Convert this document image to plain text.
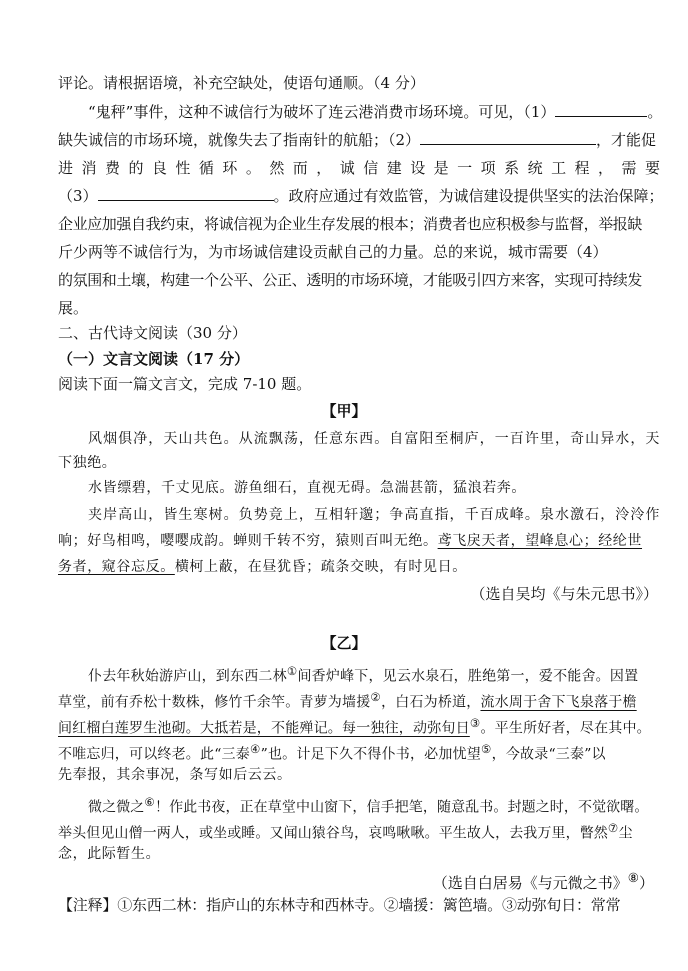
评论。请根据语境，补充空缺处，使语句通顺。（4 分）
“鬼秤”事件，这种不诚信行为破坏了连云港消费市场环境。可见，（1）	。
缺失诚信的市场环境，就像失去了指南针的航船；（2）	，才能促
进消费的良性循环。然而，诚信建设是一项系统工程，需要
（3）	。政府应通过有效监管，为诚信建设提供坚实的法治保障；
企业应加强自我约束，将诚信视为企业生存发展的根本；消费者也应积极参与监督，举报缺
斤少两等不诚信行为，为市场诚信建设贡献自己的力量。总的来说，城市需要（4）
的氛围和土壤，构建一个公平、公正、透明的市场环境，才能吸引四方来客，实现可持续发
展。
二、古代诗文阅读（30 分）
（一）文言文阅读（17 分）
阅读下面一篇文言文，完成 7-10 题。
【甲】
风烟俱净，天山共色。从流飘荡，任意东西。自富阳至桐庐，一百许里，奇山异水，天
下独绝。
水皆缥碧，千丈见底。游鱼细石，直视无碍。急湍甚箭，猛浪若奔。
夹岸高山，皆生寒树。负势竞上，互相轩邈；争高直指，千百成峰。泉水激石，泠泠作
响；好鸟相鸣，嘤嘤成韵。蝉则千转不穷，猿则百叫无绝。鸢飞戾天者，望峰息心；经纶世
务者，窥谷忘反。横柯上蔽，在昼犹昏；疏条交映，有时见日。
（选自吴均《与朱元思书》）
【乙】
仆去年秋始游庐山，到东西二林①间香炉峰下，见云水泉石，胜绝第一，爱不能舍。因置
草堂，前有乔松十数株，修竹千余竿。青萝为墙援②，白石为桥道，流水周于舍下飞泉落于檐
间红榴白莲罗生池砌。大抵若是，不能殚记。每一独往，动弥旬日③。平生所好者，尽在其中。
不唯忘归，可以终老。此“三泰④”也。计足下久不得仆书，必加忧望⑤，今故录“三泰”以
先奉报，其余事况，条写如后云云。
微之微之⑥！作此书夜，正在草堂中山窗下，信手把笔，随意乱书。封题之时，不觉欲曙。
举头但见山僧一两人，或坐或睡。又闻山猿谷鸟，哀鸣啾啾。平生故人，去我万里，瞥然⑦尘
念，此际暂生。
（选自白居易《与元微之书》⑧）
【注释】①东西二林：指庐山的东林寺和西林寺。②墙援：篱笆墙。③动弥旬日：常常
